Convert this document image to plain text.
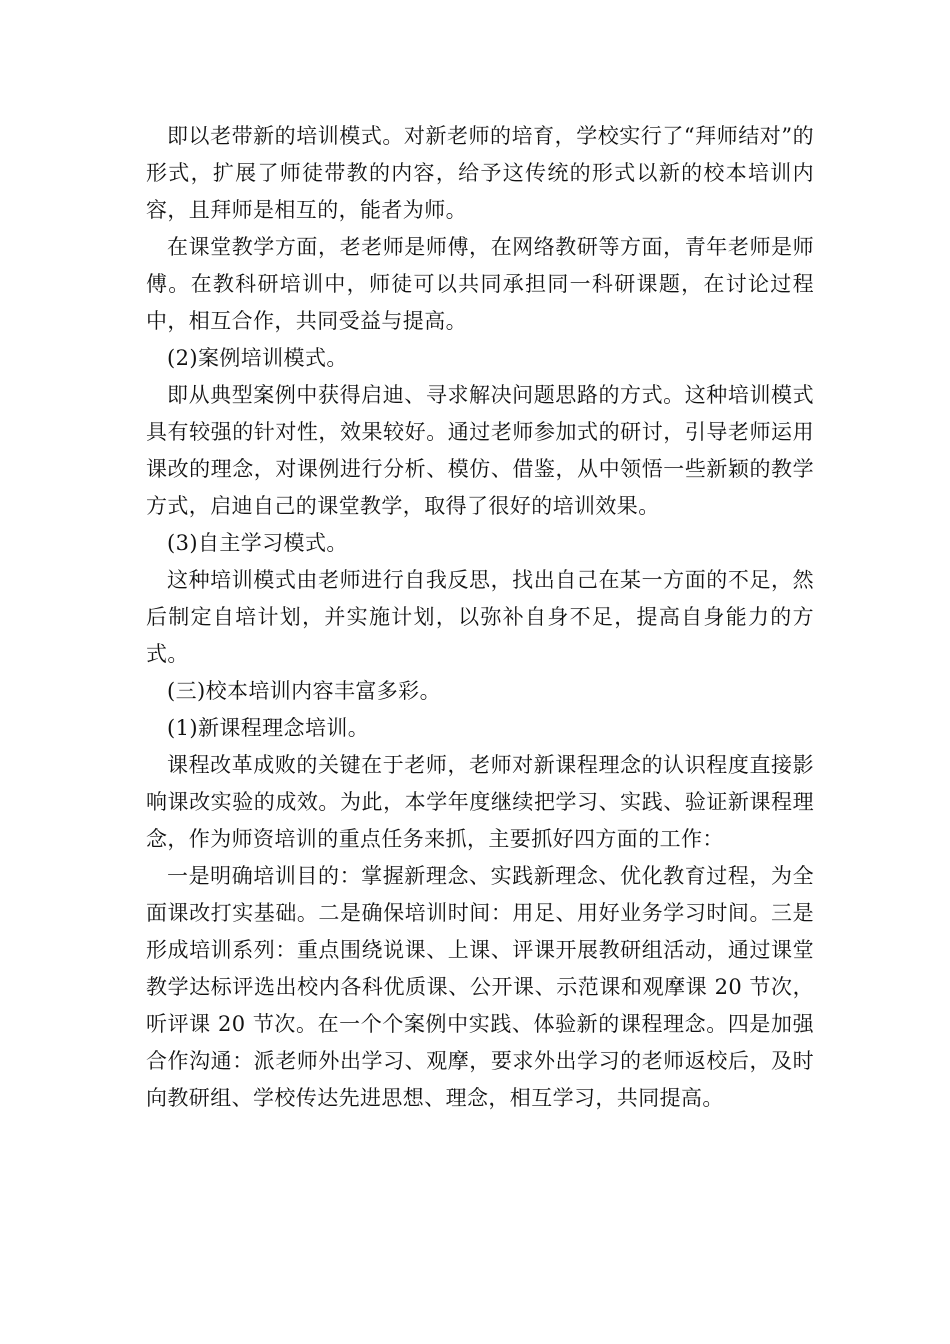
即以老带新的培训模式。对新老师的培育，学校实行了“拜师结对”的形式，扩展了师徒带教的内容，给予这传统的形式以新的校本培训内容，且拜师是相互的，能者为师。

在课堂教学方面，老老师是师傅，在网络教研等方面，青年老师是师傅。在教科研培训中，师徒可以共同承担同一科研课题，在讨论过程中，相互合作，共同受益与提高。

(2)案例培训模式。

即从典型案例中获得启迪、寻求解决问题思路的方式。这种培训模式具有较强的针对性，效果较好。通过老师参加式的研讨，引导老师运用课改的理念，对课例进行分析、模仿、借鉴，从中领悟一些新颖的教学方式，启迪自己的课堂教学，取得了很好的培训效果。

(3)自主学习模式。

这种培训模式由老师进行自我反思，找出自己在某一方面的不足，然后制定自培计划，并实施计划，以弥补自身不足，提高自身能力的方式。

(三)校本培训内容丰富多彩。

(1)新课程理念培训。

课程改革成败的关键在于老师，老师对新课程理念的认识程度直接影响课改实验的成效。为此，本学年度继续把学习、实践、验证新课程理念，作为师资培训的重点任务来抓，主要抓好四方面的工作：

一是明确培训目的：掌握新理念、实践新理念、优化教育过程，为全面课改打实基础。二是确保培训时间：用足、用好业务学习时间。三是形成培训系列：重点围绕说课、上课、评课开展教研组活动，通过课堂教学达标评选出校内各科优质课、公开课、示范课和观摩课 20 节次，听评课 20 节次。在一个个案例中实践、体验新的课程理念。四是加强合作沟通：派老师外出学习、观摩，要求外出学习的老师返校后，及时向教研组、学校传达先进思想、理念，相互学习，共同提高。
